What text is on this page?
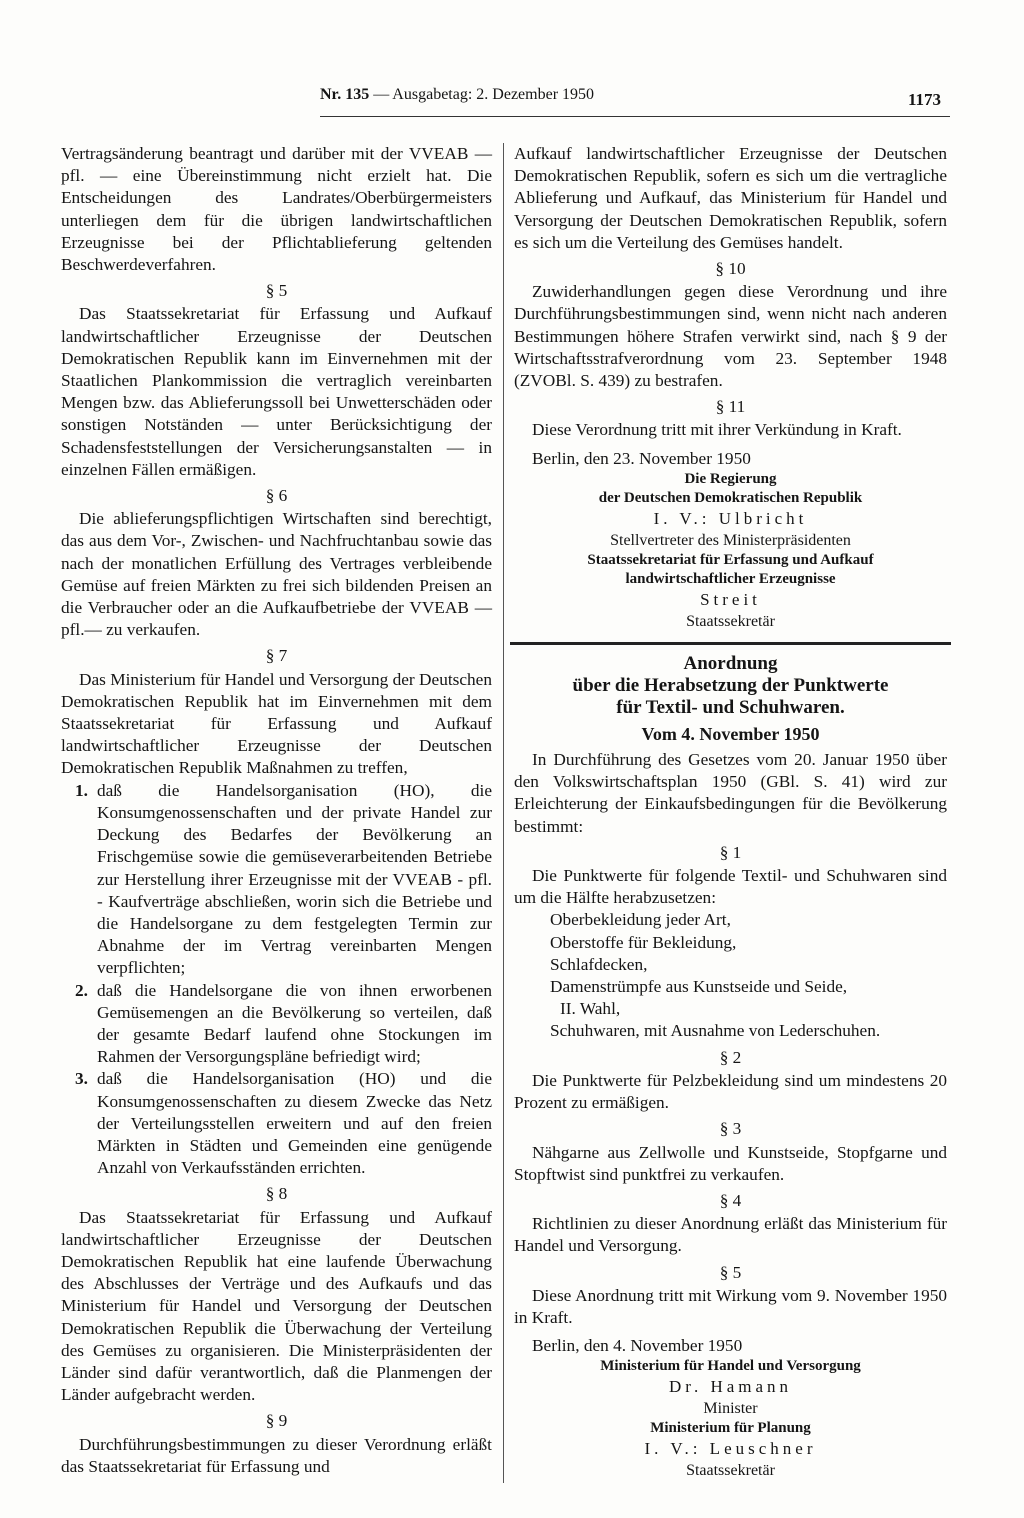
Nr. 135 — Ausgabetag: 2. Dezember 1950	1173

Vertragsänderung beantragt und darüber mit der VVEAB — pfl. — eine Übereinstimmung nicht erzielt hat. Die Entscheidungen des Landrates/Oberbürgermeisters unterliegen dem für die übrigen landwirtschaftlichen Erzeugnisse bei der Pflichtablieferung geltenden Beschwerdeverfahren.

§ 5

Das Staatssekretariat für Erfassung und Aufkauf landwirtschaftlicher Erzeugnisse der Deutschen Demokratischen Republik kann im Einvernehmen mit der Staatlichen Plankommission die vertraglich vereinbarten Mengen bzw. das Ablieferungssoll bei Unwetterschäden oder sonstigen Notständen — unter Berücksichtigung der Schadensfeststellungen der Versicherungsanstalten — in einzelnen Fällen ermäßigen.

§ 6

Die ablieferungspflichtigen Wirtschaften sind berechtigt, das aus dem Vor-, Zwischen- und Nachfruchtanbau sowie das nach der monatlichen Erfüllung des Vertrages verbleibende Gemüse auf freien Märkten zu frei sich bildenden Preisen an die Verbraucher oder an die Aufkaufbetriebe der VVEAB — pfl.— zu verkaufen.

§ 7

Das Ministerium für Handel und Versorgung der Deutschen Demokratischen Republik hat im Einvernehmen mit dem Staatssekretariat für Erfassung und Aufkauf landwirtschaftlicher Erzeugnisse der Deutschen Demokratischen Republik Maßnahmen zu treffen,

1. daß die Handelsorganisation (HO), die Konsumgenossenschaften und der private Handel zur Deckung des Bedarfes der Bevölkerung an Frischgemüse sowie die gemüseverarbeitenden Betriebe zur Herstellung ihrer Erzeugnisse mit der VVEAB - pfl. - Kaufverträge abschließen, worin sich die Betriebe und die Handelsorgane zu dem festgelegten Termin zur Abnahme der im Vertrag vereinbarten Mengen verpflichten;
2. daß die Handelsorgane die von ihnen erworbenen Gemüsemengen an die Bevölkerung so verteilen, daß der gesamte Bedarf laufend ohne Stockungen im Rahmen der Versorgungspläne befriedigt wird;
3. daß die Handelsorganisation (HO) und die Konsumgenossenschaften zu diesem Zwecke das Netz der Verteilungsstellen erweitern und auf den freien Märkten in Städten und Gemeinden eine genügende Anzahl von Verkaufsständen errichten.
§ 8

Das Staatssekretariat für Erfassung und Aufkauf landwirtschaftlicher Erzeugnisse der Deutschen Demokratischen Republik hat eine laufende Überwachung des Abschlusses der Verträge und des Aufkaufs und das Ministerium für Handel und Versorgung der Deutschen Demokratischen Republik die Überwachung der Verteilung des Gemüses zu organisieren. Die Ministerpräsidenten der Länder sind dafür verantwortlich, daß die Planmengen der Länder aufgebracht werden.

§ 9

Durchführungsbestimmungen zu dieser Verordnung erläßt das Staatssekretariat für Erfassung und

Aufkauf landwirtschaftlicher Erzeugnisse der Deutschen Demokratischen Republik, sofern es sich um die vertragliche Ablieferung und Aufkauf, das Ministerium für Handel und Versorgung der Deutschen Demokratischen Republik, sofern es sich um die Verteilung des Gemüses handelt.

§ 10

Zuwiderhandlungen gegen diese Verordnung und ihre Durchführungsbestimmungen sind, wenn nicht nach anderen Bestimmungen höhere Strafen verwirkt sind, nach § 9 der Wirtschaftsstrafverordnung vom 23. September 1948 (ZVOBl. S. 439) zu bestrafen.

§ 11

Diese Verordnung tritt mit ihrer Verkündung in Kraft.

Berlin, den 23. November 1950
Die Regierung
der Deutschen Demokratischen Republik
I. V.: Ulbricht
Stellvertreter des Ministerpräsidenten
Staatssekretariat für Erfassung und Aufkauf
landwirtschaftlicher Erzeugnisse
Streit
Staatssekretär
Anordnung
über die Herabsetzung der Punktwerte
für Textil- und Schuhwaren.
Vom 4. November 1950

In Durchführung des Gesetzes vom 20. Januar 1950 über den Volkswirtschaftsplan 1950 (GBl. S. 41) wird zur Erleichterung der Einkaufsbedingungen für die Bevölkerung bestimmt:

§ 1

Die Punktwerte für folgende Textil- und Schuhwaren sind um die Hälfte herabzusetzen:

Oberbekleidung jeder Art,
Oberstoffe für Bekleidung,
Schlafdecken,
Damenstrümpfe aus Kunstseide und Seide,
II. Wahl,
Schuhwaren, mit Ausnahme von Lederschuhen.
§ 2

Die Punktwerte für Pelzbekleidung sind um mindestens 20 Prozent zu ermäßigen.

§ 3

Nähgarne aus Zellwolle und Kunstseide, Stopfgarne und Stopftwist sind punktfrei zu verkaufen.

§ 4

Richtlinien zu dieser Anordnung erläßt das Ministerium für Handel und Versorgung.

§ 5

Diese Anordnung tritt mit Wirkung vom 9. November 1950 in Kraft.

Berlin, den 4. November 1950
Ministerium für Handel und Versorgung
Dr. Hamann
Minister
Ministerium für Planung
I. V.: Leuschner
Staatssekretär
